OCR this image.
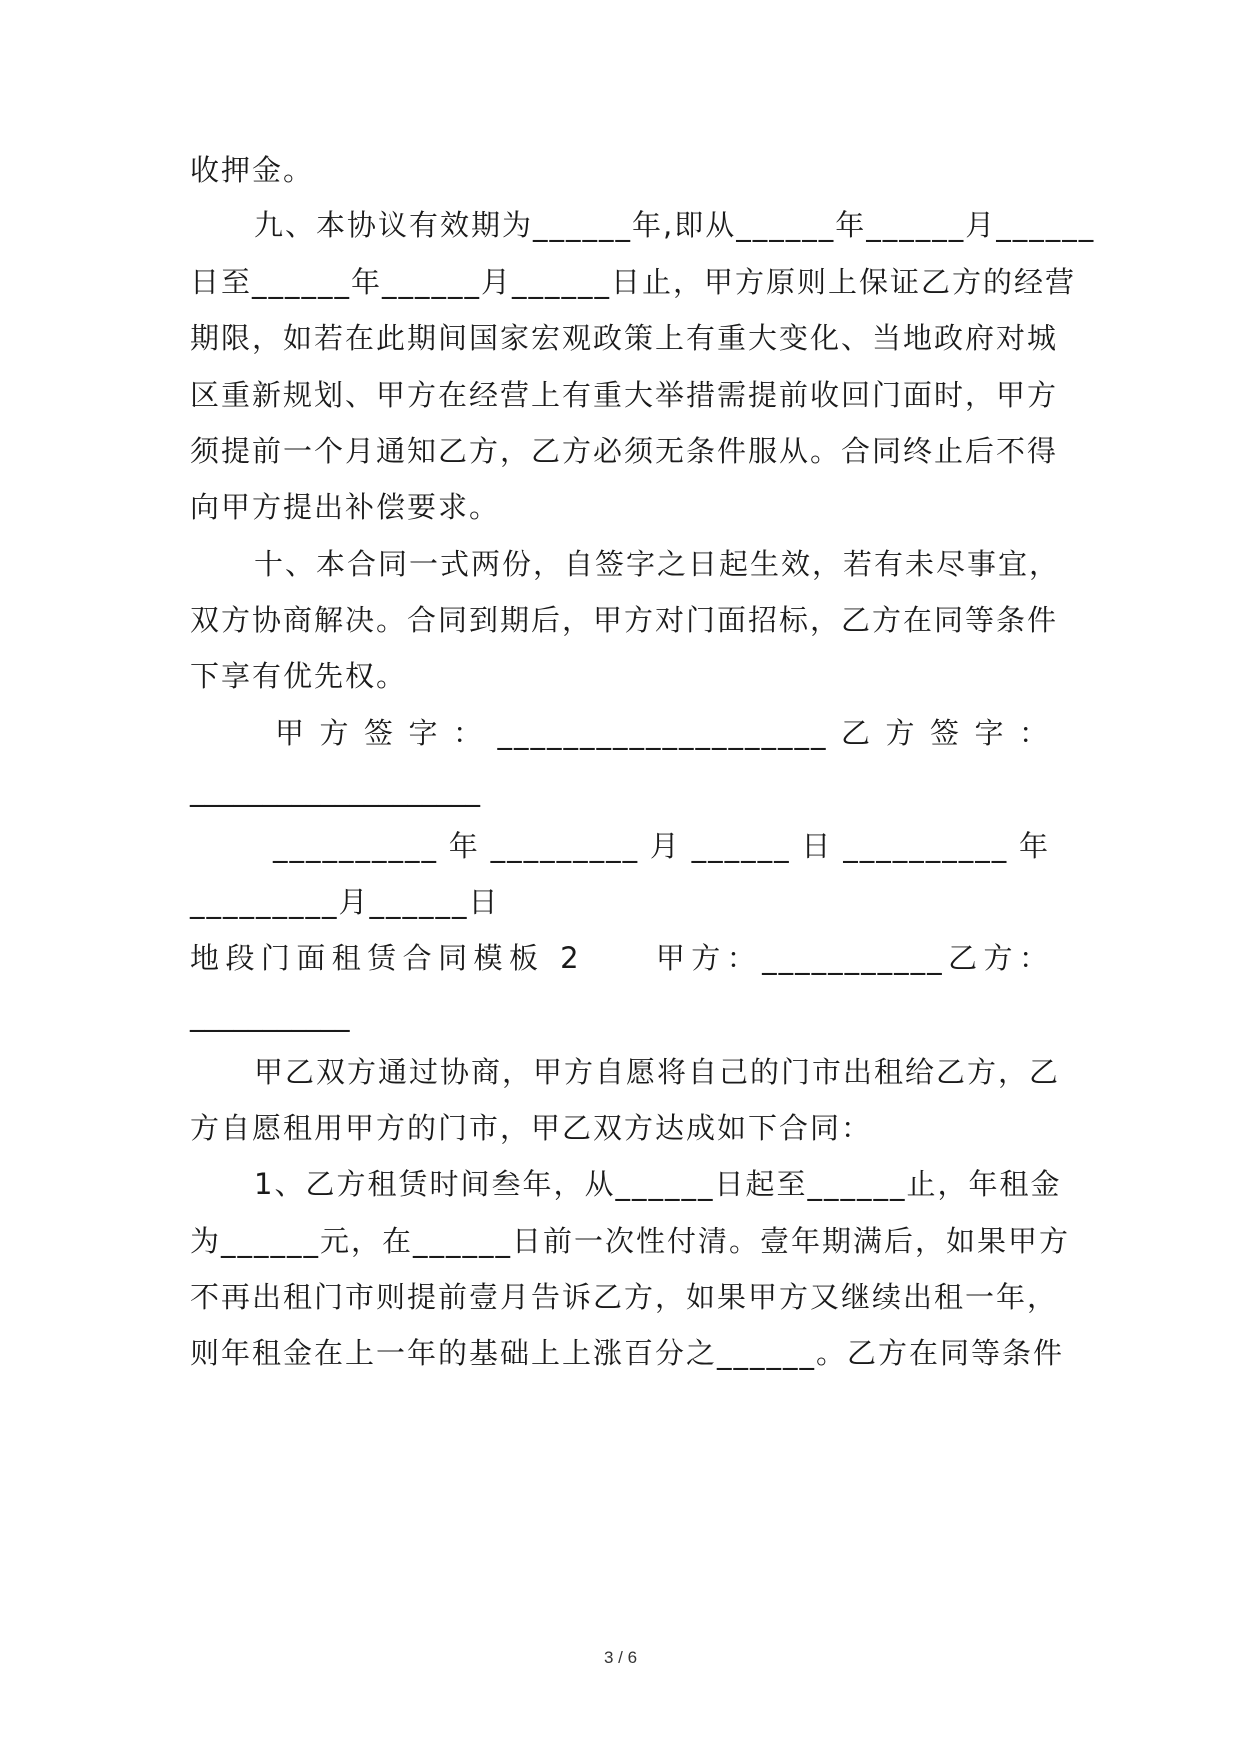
收押金。
九、本协议有效期为______年,即从______年______月______
日至______年______月______日止，甲方原则上保证乙方的经营
期限，如若在此期间国家宏观政策上有重大变化、当地政府对城
区重新规划、甲方在经营上有重大举措需提前收回门面时，甲方
须提前一个月通知乙方，乙方必须无条件服从。合同终止后不得
向甲方提出补偿要求。
十、本合同一式两份，自签字之日起生效，若有未尽事宜，
双方协商解决。合同到期后，甲方对门面招标，乙方在同等条件
下享有优先权。
甲方签字：____________________乙方签字：
____________________
__________年_________月______日__________年
_________月______日
地段门面租赁合同模板 2　　甲方：___________乙方：
___________
甲乙双方通过协商，甲方自愿将自己的门市出租给乙方，乙
方自愿租用甲方的门市，甲乙双方达成如下合同：
1、乙方租赁时间叁年，从______日起至______止，年租金
为______元，在______日前一次性付清。壹年期满后，如果甲方
不再出租门市则提前壹月告诉乙方，如果甲方又继续出租一年，
则年租金在上一年的基础上上涨百分之______。乙方在同等条件
3 / 6
